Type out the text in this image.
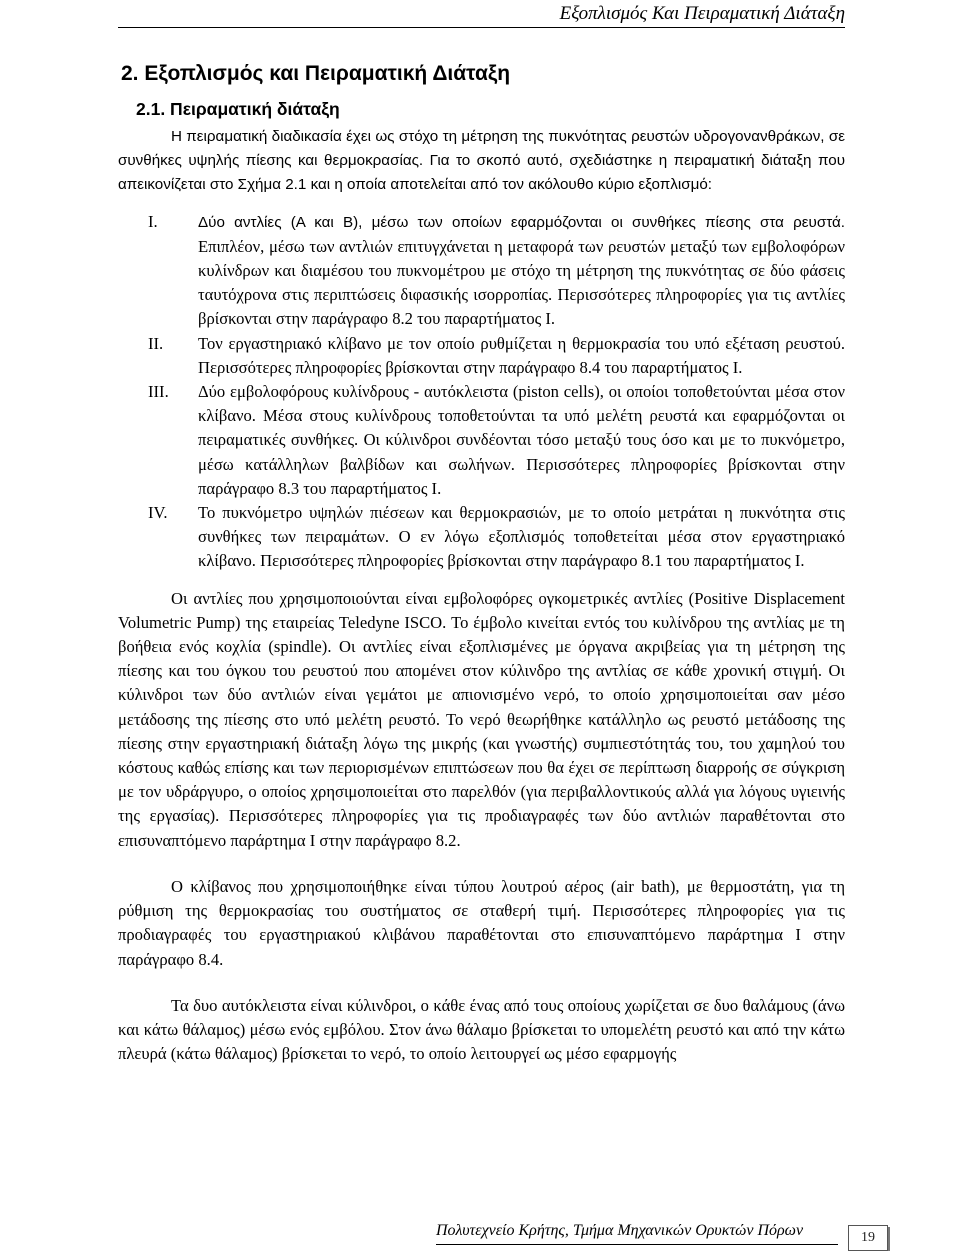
Εξοπλισμός Και Πειραματική Διάταξη
2. Εξοπλισμός και Πειραματική Διάταξη
2.1. Πειραματική διάταξη

Η πειραματική διαδικασία έχει ως στόχο τη μέτρηση της πυκνότητας ρευστών υδρογονανθράκων, σε συνθήκες υψηλής πίεσης και θερμοκρασίας. Για το σκοπό αυτό, σχεδιάστηκε η πειραματική διάταξη που απεικονίζεται στο Σχήμα 2.1 και η οποία αποτελείται από τον ακόλουθο κύριο εξοπλισμό:

I.	Δύο αντλίες (Α και Β), μέσω των οποίων εφαρμόζονται οι συνθήκες πίεσης στα ρευστά. Επιπλέον, μέσω των αντλιών επιτυγχάνεται η μεταφορά των ρευστών μεταξύ των εμβολοφόρων κυλίνδρων και διαμέσου του πυκνομέτρου με στόχο τη μέτρηση της πυκνότητας σε δύο φάσεις ταυτόχρονα στις περιπτώσεις διφασικής ισορροπίας. Περισσότερες πληροφορίες για τις αντλίες βρίσκονται στην παράγραφο 8.2 του παραρτήματος I.
II. Τον εργαστηριακό κλίβανο με τον οποίο ρυθμίζεται η θερμοκρασία του υπό εξέταση ρευστού. Περισσότερες πληροφορίες βρίσκονται στην παράγραφο 8.4 του παραρτήματος I.
III. Δύο εμβολοφόρους κυλίνδρους - αυτόκλειστα (piston cells), οι οποίοι τοποθετούνται μέσα στον κλίβανο. Μέσα στους κυλίνδρους τοποθετούνται τα υπό μελέτη ρευστά και εφαρμόζονται οι πειραματικές συνθήκες. Οι κύλινδροι συνδέονται τόσο μεταξύ τους όσο και με το πυκνόμετρο, μέσω κατάλληλων βαλβίδων και σωλήνων. Περισσότερες πληροφορίες βρίσκονται στην παράγραφο 8.3 του παραρτήματος I.
IV. Το πυκνόμετρο υψηλών πιέσεων και θερμοκρασιών, με το οποίο μετράται η πυκνότητα στις συνθήκες των πειραμάτων. Ο εν λόγω εξοπλισμός τοποθετείται μέσα στον εργαστηριακό κλίβανο. Περισσότερες πληροφορίες βρίσκονται στην παράγραφο 8.1 του παραρτήματος I.

Οι αντλίες που χρησιμοποιούνται είναι εμβολοφόρες ογκομετρικές αντλίες (Positive Displacement Volumetric Pump) της εταιρείας Teledyne ISCO. Το έμβολο κινείται εντός του κυλίνδρου της αντλίας με τη βοήθεια ενός κοχλία (spindle). Οι αντλίες είναι εξοπλισμένες με όργανα ακριβείας για τη μέτρηση της πίεσης και του όγκου του ρευστού που απομένει στον κύλινδρο της αντλίας σε κάθε χρονική στιγμή. Οι κύλινδροι των δύο αντλιών είναι γεμάτοι με απιονισμένο νερό, το οποίο χρησιμοποιείται σαν μέσο μετάδοσης της πίεσης στο υπό μελέτη ρευστό. Το νερό θεωρήθηκε κατάλληλο ως ρευστό μετάδοσης της πίεσης στην εργαστηριακή διάταξη λόγω της μικρής (και γνωστής) συμπιεστότητάς του, του χαμηλού του κόστους καθώς επίσης και των περιορισμένων επιπτώσεων που θα έχει σε περίπτωση διαρροής σε σύγκριση με τον υδράργυρο, ο οποίος χρησιμοποιείται στο παρελθόν (για περιβαλλοντικούς αλλά για λόγους υγιεινής της εργασίας). Περισσότερες πληροφορίες για τις προδιαγραφές των δύο αντλιών παραθέτονται στο επισυναπτόμενο παράρτημα I στην παράγραφο 8.2.

Ο κλίβανος που χρησιμοποιήθηκε είναι τύπου λουτρού αέρος (air bath), με θερμοστάτη, για τη ρύθμιση της θερμοκρασίας του συστήματος σε σταθερή τιμή. Περισσότερες πληροφορίες για τις προδιαγραφές του εργαστηριακού κλιβάνου παραθέτονται στο επισυναπτόμενο παράρτημα I στην παράγραφο 8.4.

Τα δυο αυτόκλειστα είναι κύλινδροι, ο κάθε ένας από τους οποίους χωρίζεται σε δυο θαλάμους (άνω και κάτω θάλαμος) μέσω ενός εμβόλου. Στον άνω θάλαμο βρίσκεται το υπομελέτη ρευστό και από την κάτω πλευρά (κάτω θάλαμος) βρίσκεται το νερό, το οποίο λειτουργεί ως μέσο εφαρμογής

Πολυτεχνείο Κρήτης, Τμήμα Μηχανικών Ορυκτών Πόρων	19
